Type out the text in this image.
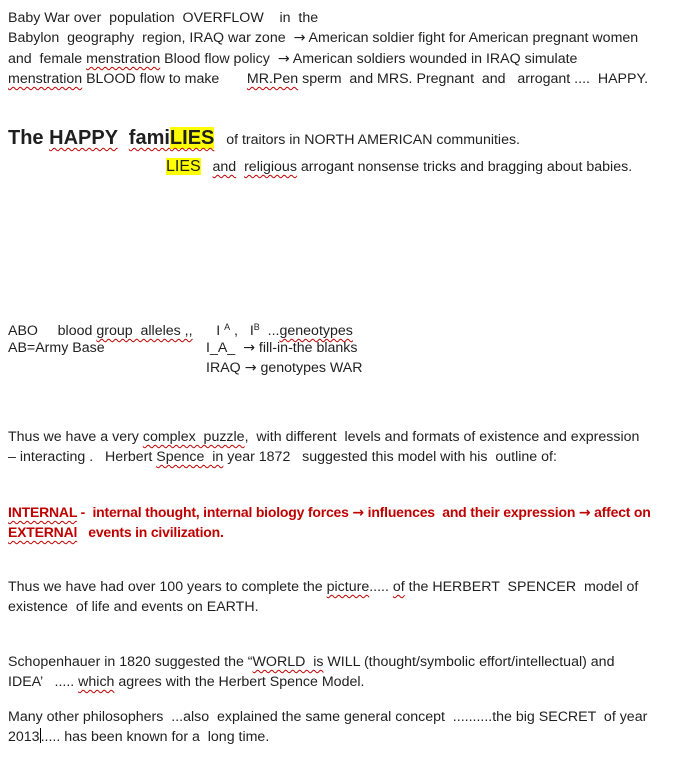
Baby War over  population  OVERFLOW    in  the
Babylon  geography  region, IRAQ war zone  → American soldier fight for American pregnant women
and  female menstration Blood flow policy  → American soldiers wounded in IRAQ simulate
menstration BLOOD flow to make       MR.Pen sperm  and MRS. Pregnant  and   arrogant ....  HAPPY.
The HAPPY famiLIES   of traitors in NORTH AMERICAN communities.
LIES and religious arrogant nonsense tricks and bragging about babies.
ABO     blood group  alleles ,, I $^A$ ,   $I^B$  ...geneotypes
AB=Army Base	I_A_  → fill-in-the blanks
IRAQ → genotypes WAR
Thus we have a very complex  puzzle,  with different  levels and formats of existence and expression
– interacting .   Herbert Spence  in year 1872   suggested this model with his  outline of:
INTERNAL -  internal thought, internal biology forces → influences  and their expression → affect on
EXTERNAl   events in civilization.
Thus we have had over 100 years to complete the picture..... of the HERBERT  SPENCER  model of
existence  of life and events on EARTH.
Schopenhauer in 1820 suggested the “WORLD  is WILL (thought/symbolic effort/intellectual) and
IDEA’   ..... which agrees with the Herbert Spence Model.
Many other philosophers  ...also  explained the same general concept  ..........the big SECRET  of year
2013..... has been known for a  long time.
